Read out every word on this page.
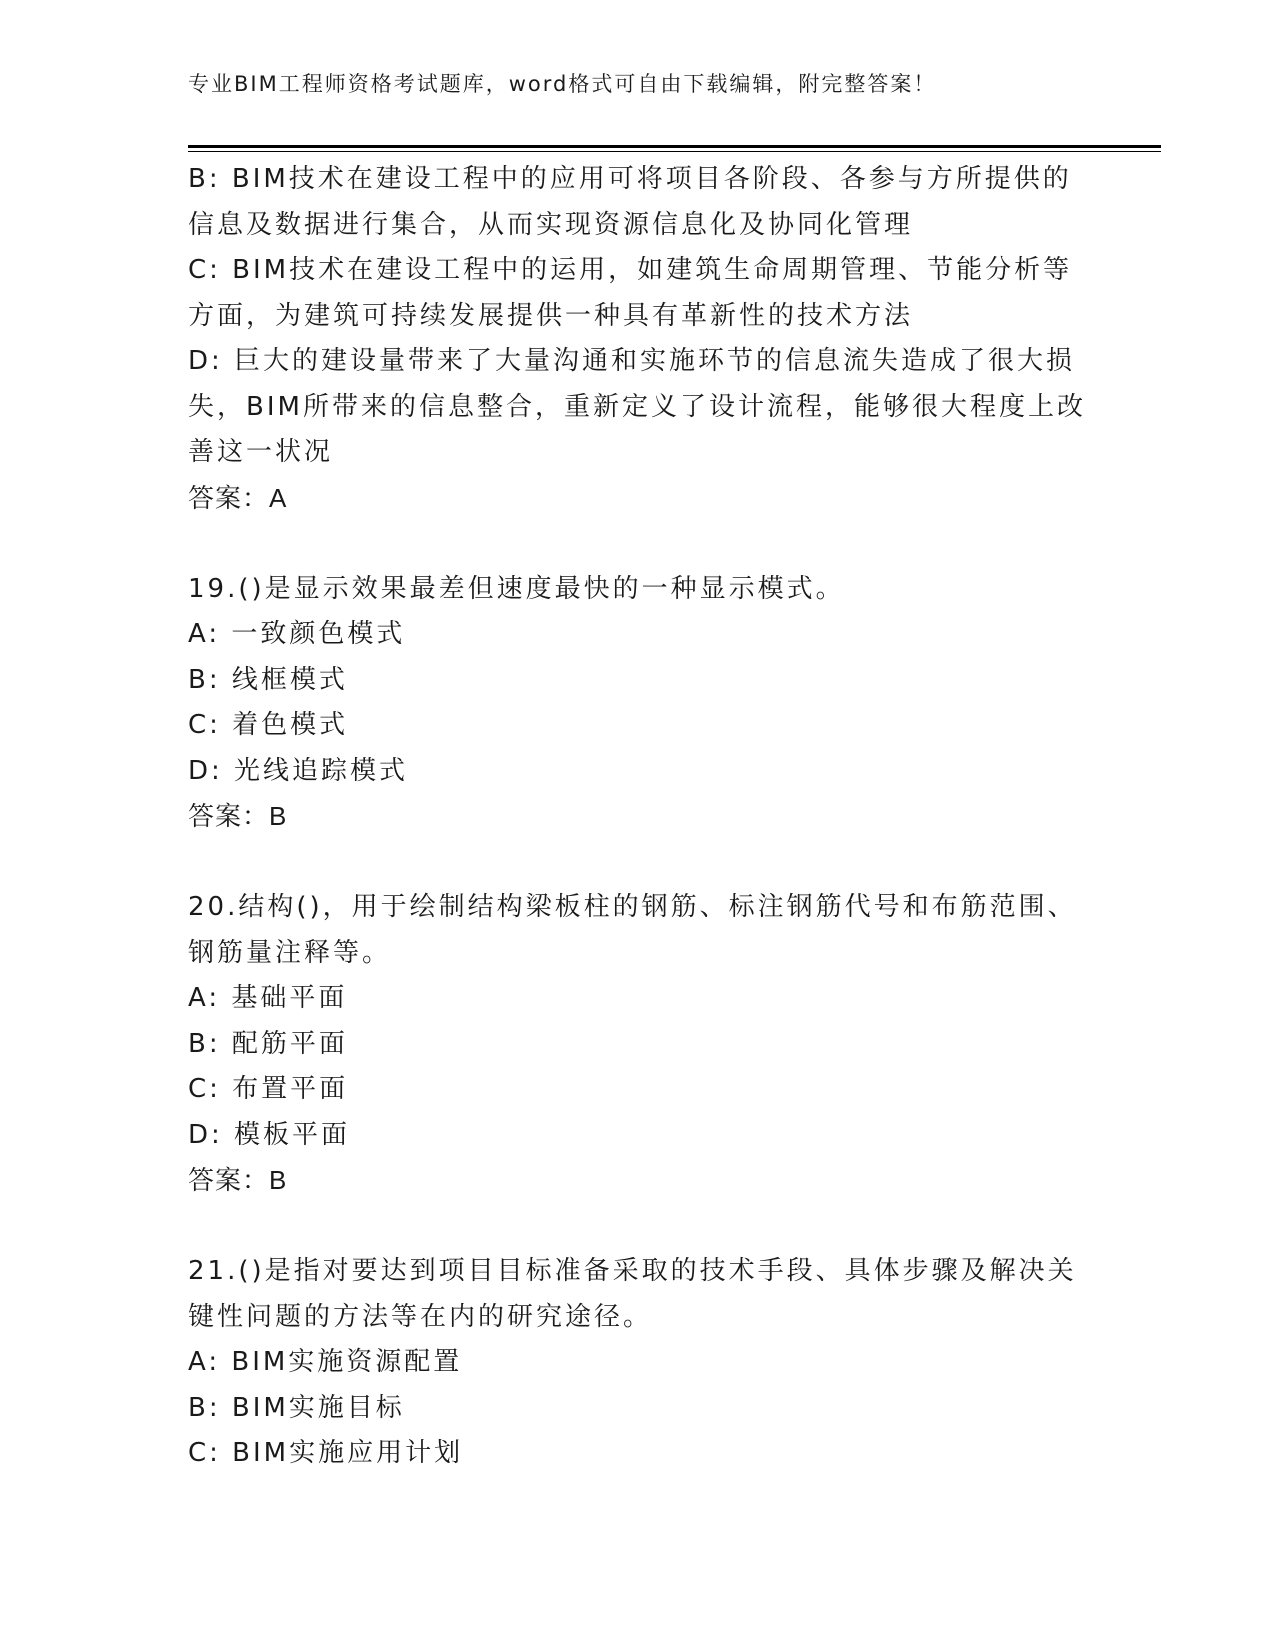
专业BIM工程师资格考试题库，word格式可自由下载编辑，附完整答案！
B: BIM技术在建设工程中的应用可将项目各阶段、各参与方所提供的
信息及数据进行集合，从而实现资源信息化及协同化管理
C: BIM技术在建设工程中的运用，如建筑生命周期管理、节能分析等
方面，为建筑可持续发展提供一种具有革新性的技术方法
D: 巨大的建设量带来了大量沟通和实施环节的信息流失造成了很大损
失，BIM所带来的信息整合，重新定义了设计流程，能够很大程度上改
善这一状况
答案：A
19.()是显示效果最差但速度最快的一种显示模式。
A: 一致颜色模式
B: 线框模式
C: 着色模式
D: 光线追踪模式
答案：B
20.结构()，用于绘制结构梁板柱的钢筋、标注钢筋代号和布筋范围、
钢筋量注释等。
A: 基础平面
B: 配筋平面
C: 布置平面
D: 模板平面
答案：B
21.()是指对要达到项目目标准备采取的技术手段、具体步骤及解决关
键性问题的方法等在内的研究途径。
A: BIM实施资源配置
B: BIM实施目标
C: BIM实施应用计划
